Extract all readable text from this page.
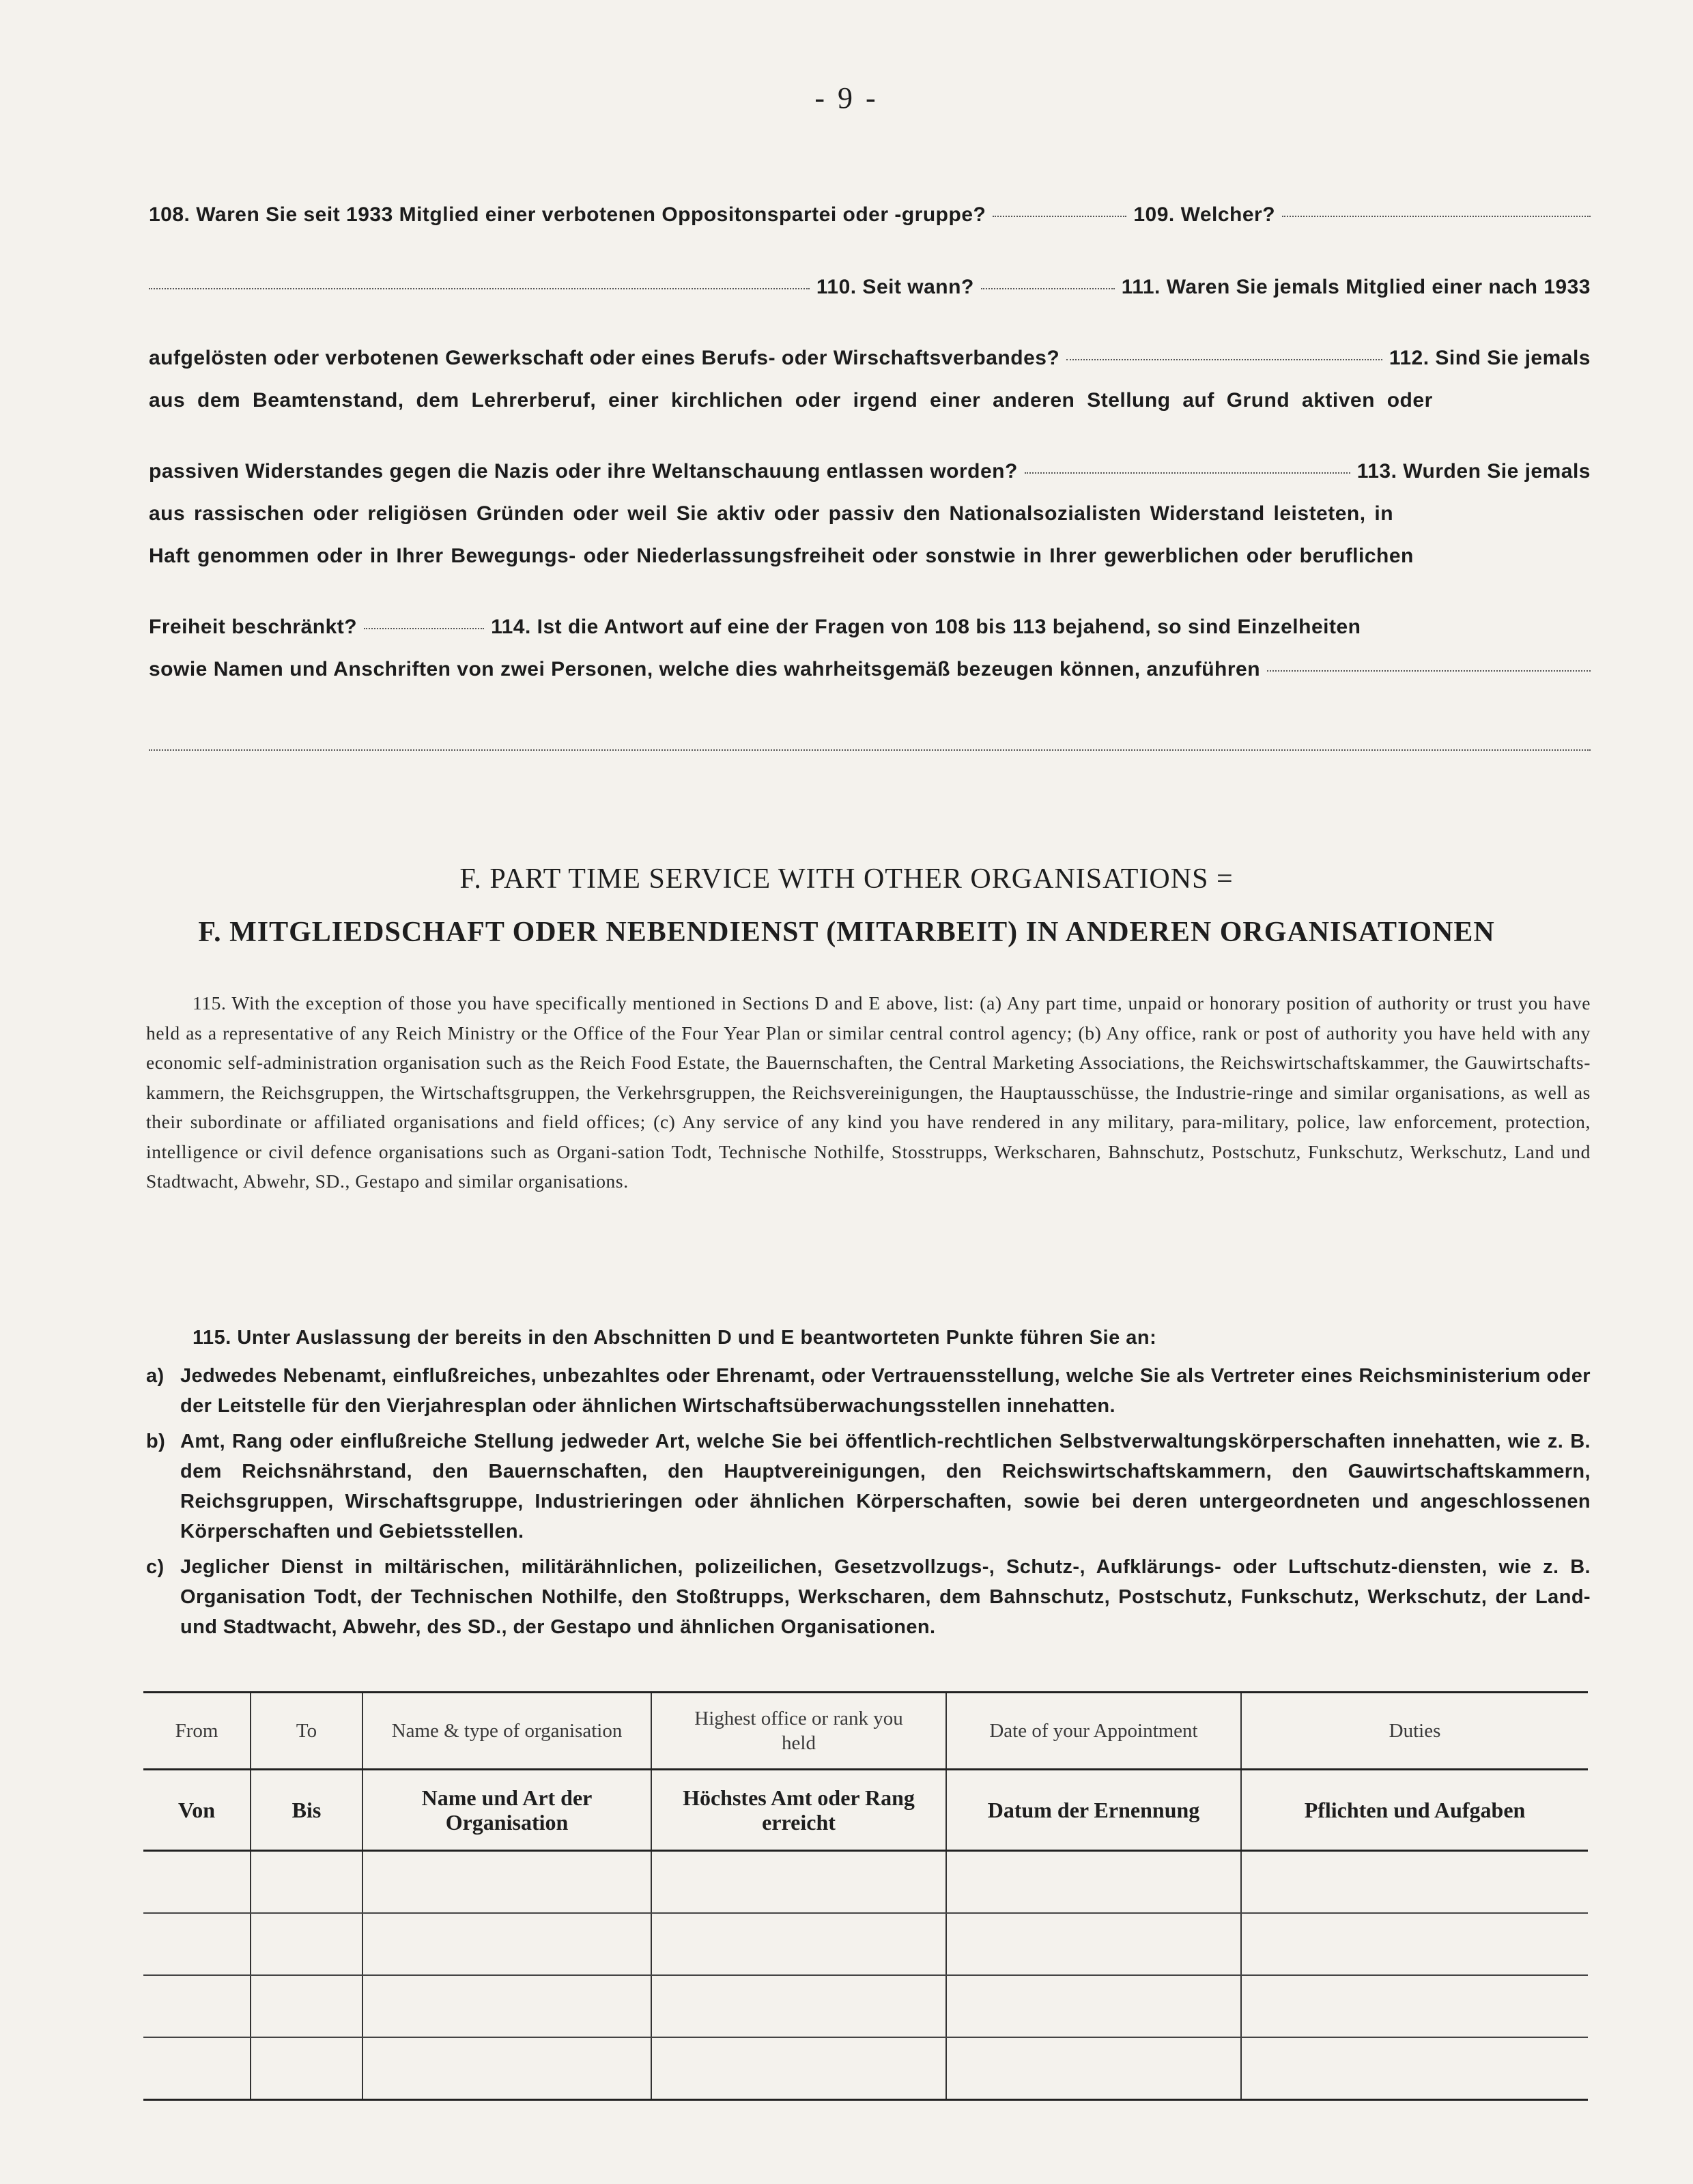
- 9 -
108. Waren Sie seit 1933 Mitglied einer verbotenen Oppositonspartei oder -gruppe?	109. Welcher?
110. Seit wann?	111. Waren Sie jemals Mitglied einer nach 1933
aufgelösten oder verbotenen Gewerkschaft oder eines Berufs- oder Wirschaftsverbandes?	112. Sind Sie jemals
aus dem Beamtenstand, dem Lehrerberuf, einer kirchlichen oder irgend einer anderen Stellung auf Grund aktiven oder
passiven Widerstandes gegen die Nazis oder ihre Weltanschauung entlassen worden?	113. Wurden Sie jemals
aus rassischen oder religiösen Gründen oder weil Sie aktiv oder passiv den Nationalsozialisten Widerstand leisteten, in
Haft genommen oder in Ihrer Bewegungs- oder Niederlassungsfreiheit oder sonstwie in Ihrer gewerblichen oder beruflichen
Freiheit beschränkt?	114. Ist die Antwort auf eine der Fragen von 108 bis 113 bejahend, so sind Einzelheiten
sowie Namen und Anschriften von zwei Personen, welche dies wahrheitsgemäß bezeugen können, anzuführen
F. PART TIME SERVICE WITH OTHER ORGANISATIONS =
F. MITGLIEDSCHAFT ODER NEBENDIENST (MITARBEIT) IN ANDEREN ORGANISATIONEN
115. With the exception of those you have specifically mentioned in Sections D and E above, list: (a) Any part time, unpaid or honorary position of authority or trust you have held as a representative of any Reich Ministry or the Office of the Four Year Plan or similar central control agency; (b) Any office, rank or post of authority you have held with any economic self-administration organisation such as the Reich Food Estate, the Bauernschaften, the Central Marketing Associations, the Reichswirtschaftskammer, the Gauwirtschafts-kammern, the Reichsgruppen, the Wirtschaftsgruppen, the Verkehrsgruppen, the Reichsvereinigungen, the Hauptausschüsse, the Industrie-ringe and similar organisations, as well as their subordinate or affiliated organisations and field offices; (c) Any service of any kind you have rendered in any military, para-military, police, law enforcement, protection, intelligence or civil defence organisations such as Organi-sation Todt, Technische Nothilfe, Stosstrupps, Werkscharen, Bahnschutz, Postschutz, Funkschutz, Werkschutz, Land und Stadtwacht, Abwehr, SD., Gestapo and similar organisations.
115. Unter Auslassung der bereits in den Abschnitten D und E beantworteten Punkte führen Sie an:
a) Jedwedes Nebenamt, einflußreiches, unbezahltes oder Ehrenamt, oder Vertrauensstellung, welche Sie als Vertreter eines Reichsministerium oder der Leitstelle für den Vierjahresplan oder ähnlichen Wirtschaftsüberwachungsstellen innehatten.
b) Amt, Rang oder einflußreiche Stellung jedweder Art, welche Sie bei öffentlich-rechtlichen Selbstverwaltungskörperschaften innehatten, wie z. B. dem Reichsnährstand, den Bauernschaften, den Hauptvereinigungen, den Reichswirtschaftskammern, den Gauwirtschaftskammern, Reichsgruppen, Wirschaftsgruppe, Industrieringen oder ähnlichen Körperschaften, sowie bei deren untergeordneten und angeschlossenen Körperschaften und Gebietsstellen.
c) Jeglicher Dienst in miltärischen, militärähnlichen, polizeilichen, Gesetzvollzugs-, Schutz-, Aufklärungs- oder Luftschutz-diensten, wie z. B. Organisation Todt, der Technischen Nothilfe, den Stoßtrupps, Werkscharen, dem Bahnschutz, Postschutz, Funkschutz, Werkschutz, der Land- und Stadtwacht, Abwehr, des SD., der Gestapo und ähnlichen Organisationen.
From	To	Name & type of organisation	Highest office or rank you held	Date of your Appointment	Duties
Von	Bis	Name und Art der Organisation	Höchstes Amt oder Rang erreicht	Datum der Ernennung	Pflichten und Aufgaben
